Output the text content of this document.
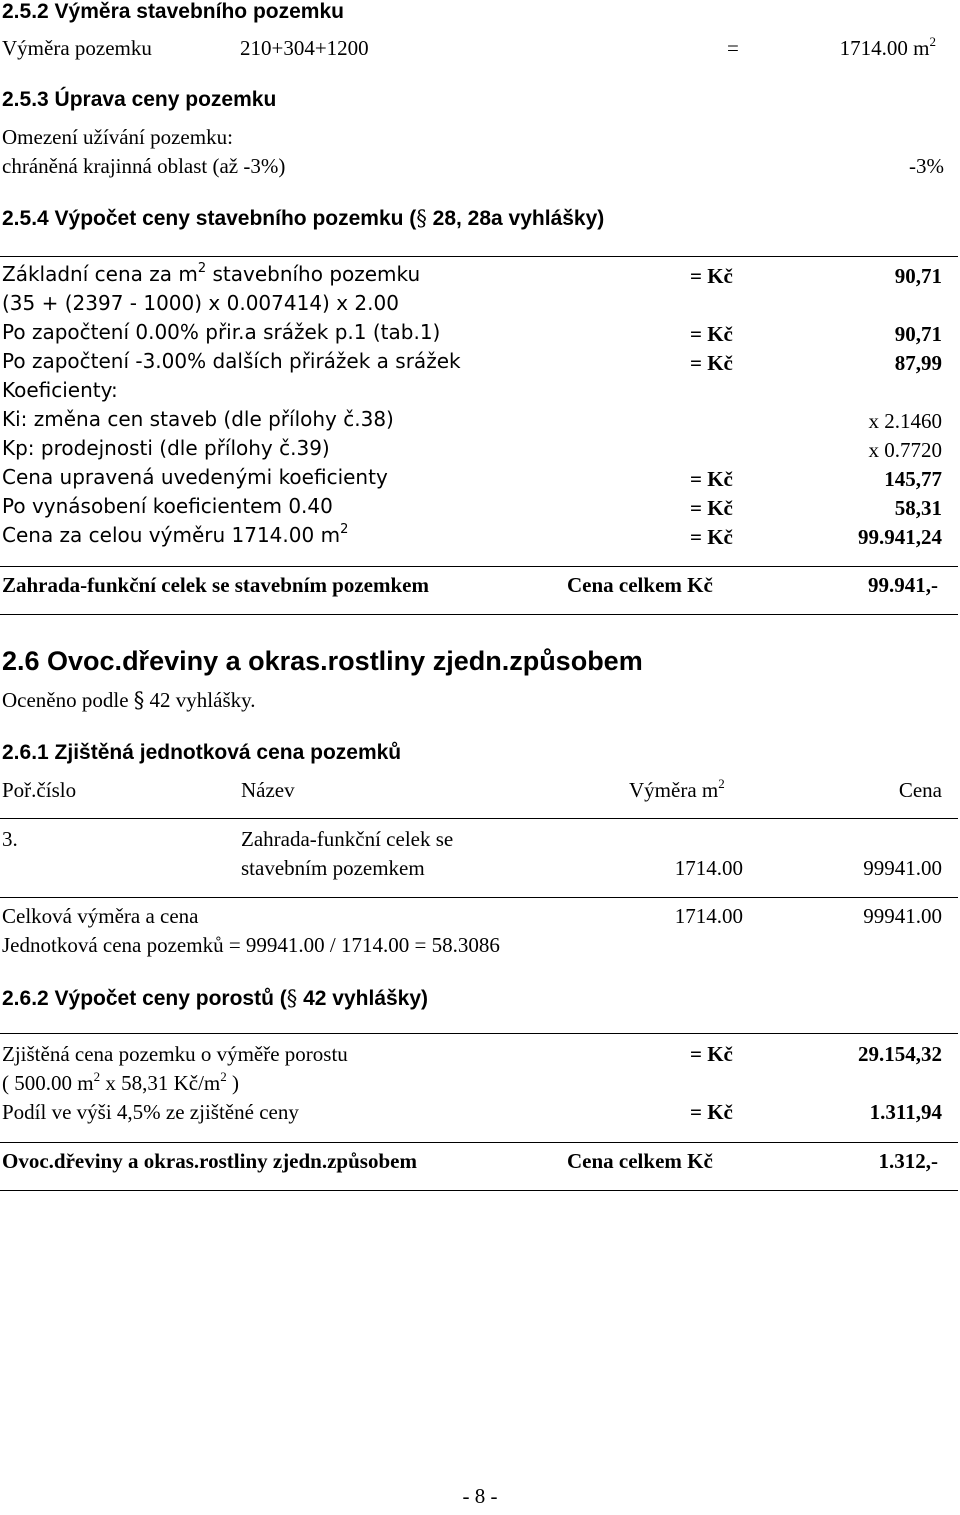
2.5.2 Výměra stavebního pozemku
Výměra pozemku	210+304+1200	=	1714.00 $m^2$
2.5.3 Úprava ceny pozemku
Omezení užívání pozemku:
chráněná krajinná oblast (až -3%)	-3%
2.5.4 Výpočet ceny stavebního pozemku (§ 28, 28a vyhlášky)
Základní cena za $m^2$ stavebního pozemku	= Kč	90,71
(35 + (2397 - 1000) x 0.007414) x 2.00
Po započtení 0.00% přir.a srážek p.1 (tab.1)	= Kč	90,71
Po započtení -3.00% dalších přirážek a srážek	= Kč	87,99
Koeficienty:
Ki: změna cen staveb (dle přílohy č.38)	x 2.1460
Kp: prodejnosti (dle přílohy č.39)	x 0.7720
Cena upravená uvedenými koeficienty	= Kč	145,77
Po vynásobení koeficientem 0.40	= Kč	58,31
Cena za celou výměru 1714.00 $m^2$	= Kč	99.941,24
Zahrada-funkční celek se stavebním pozemkem	Cena celkem Kč	99.941,-
2.6 Ovoc.dřeviny a okras.rostliny zjedn.způsobem
Oceněno podle § 42 vyhlášky.
2.6.1 Zjištěná jednotková cena pozemků
Poř.číslo	Název	Výměra $m^2$	Cena
3.	Zahrada-funkční celek se
stavebním pozemkem	1714.00	99941.00
Celková výměra a cena	1714.00	99941.00
Jednotková cena pozemků = 99941.00 / 1714.00 = 58.3086
2.6.2 Výpočet ceny porostů (§ 42 vyhlášky)
Zjištěná cena pozemku o výměře porostu	= Kč	29.154,32
( 500.00 $m^2$ x 58,31 $Kč/m^2$ )
Podíl ve výši 4,5% ze zjištěné ceny	= Kč	1.311,94
Ovoc.dřeviny a okras.rostliny zjedn.způsobem	Cena celkem Kč	1.312,-
- 8 -
